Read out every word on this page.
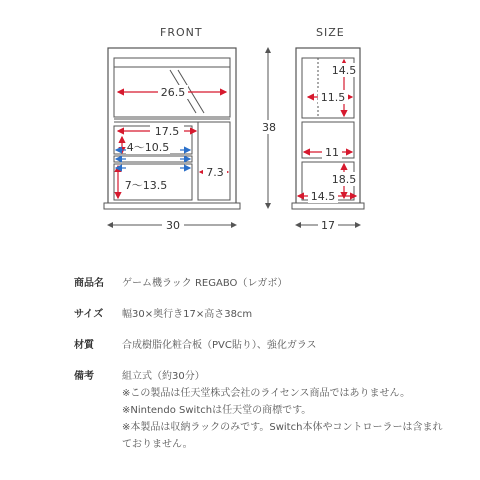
FRONT	SIZE
26.5
17.5
4〜10.5
7〜13.5
7.3
30
38
14.5
11.5
11
18.5
14.5
17
商品名 ゲーム機ラック REGABO（レガボ）
サイズ 幅30×奥行き17×高さ38cm
材質	合成樹脂化粧合板（PVC貼り）、強化ガラス
備考	組立式（約30分）
※この製品は任天堂株式会社のライセンス商品ではありません。
※Nintendo Switchは任天堂の商標です。
※本製品は収納ラックのみです。Switch本体やコントローラーは含まれ
ておりません。
